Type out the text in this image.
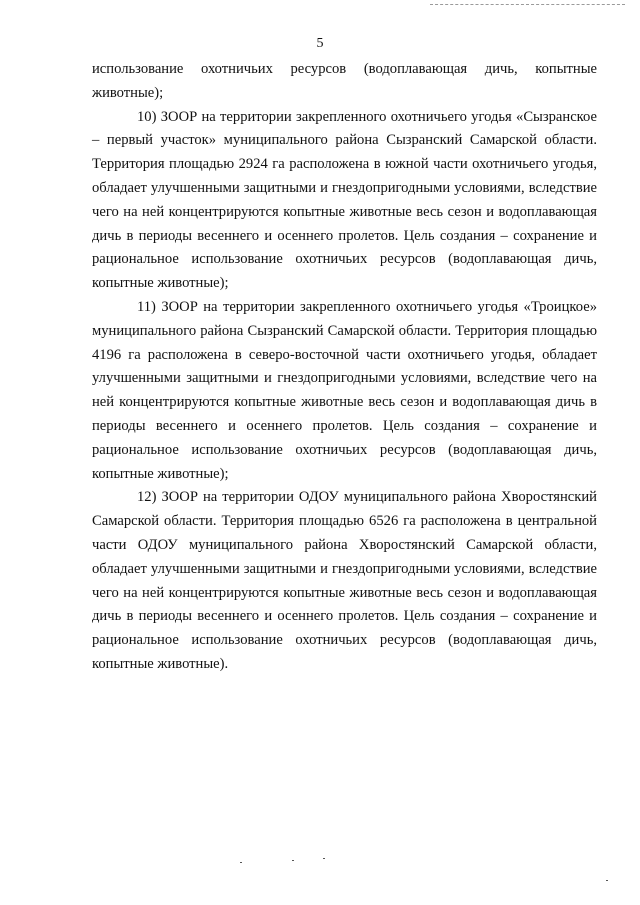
5

использование охотничьих ресурсов (водоплавающая дичь, копытные животные);

10) ЗООР на территории закрепленного охотничьего угодья «Сызранское – первый участок» муниципального района Сызранский Самарской области. Территория площадью 2924 га расположена в южной части охотничьего угодья, обладает улучшенными защитными и гнездопригодными условиями, вследствие чего на ней концентрируются копытные животные весь сезон и водоплавающая дичь в периоды весеннего и осеннего пролетов. Цель создания – сохранение и рациональное использование охотничьих ресурсов (водоплавающая дичь, копытные животные);

11) ЗООР на территории закрепленного охотничьего угодья «Троицкое» муниципального района Сызранский Самарской области. Территория площадью 4196 га расположена в северо-восточной части охотничьего угодья, обладает улучшенными защитными и гнездопригодными условиями, вследствие чего на ней концентрируются копытные животные весь сезон и водоплавающая дичь в периоды весеннего и осеннего пролетов. Цель создания – сохранение и рациональное использование охотничьих ресурсов (водоплавающая дичь, копытные животные);

12) ЗООР на территории ОДОУ муниципального района Хворостянский Самарской области. Территория площадью 6526 га расположена в центральной части ОДОУ муниципального района Хворостянский Самарской области, обладает улучшенными защитными и гнездопригодными условиями, вследствие чего на ней концентрируются копытные животные весь сезон и водоплавающая дичь в периоды весеннего и осеннего пролетов. Цель создания – сохранение и рациональное использование охотничьих ресурсов (водоплавающая дичь, копытные животные).
